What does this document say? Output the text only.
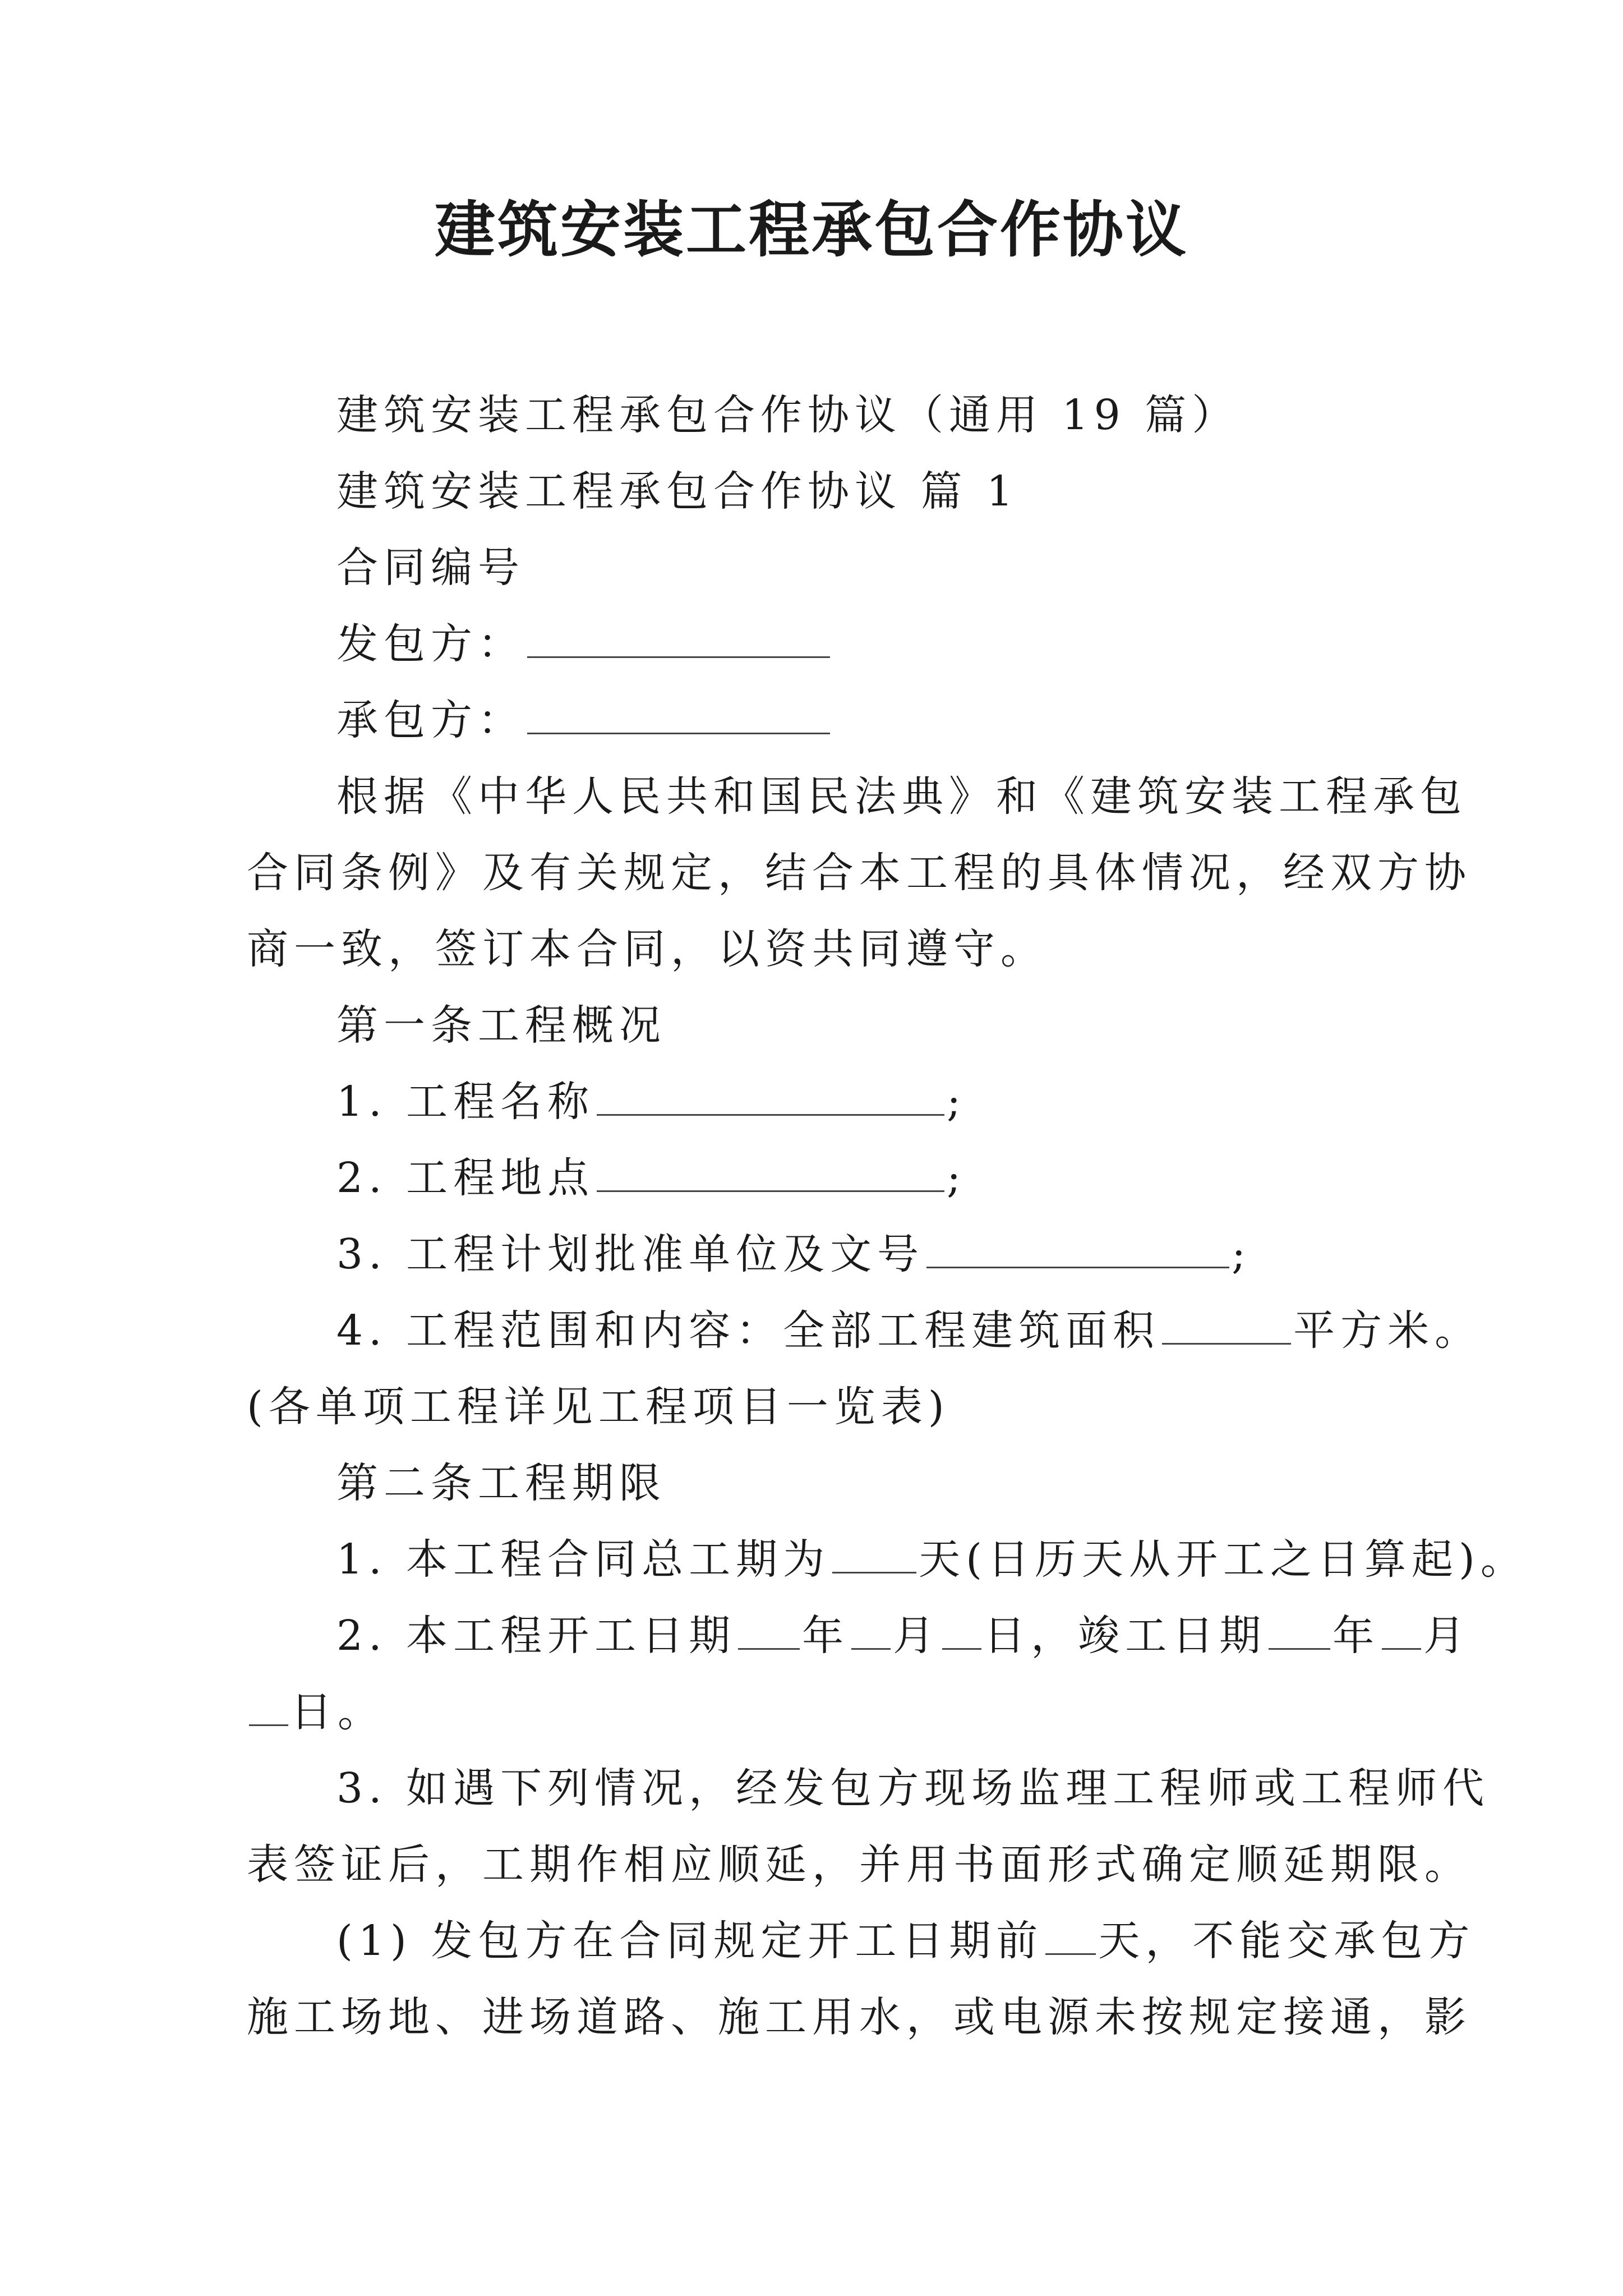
建筑安装工程承包合作协议
建筑安装工程承包合作协议（通用 19 篇）
建筑安装工程承包合作协议 篇 1
合同编号
发包方：
承包方：
根据《中华人民共和国民法典》和《建筑安装工程承包
合同条例》及有关规定，结合本工程的具体情况，经双方协
商一致，签订本合同，以资共同遵守。
第一条工程概况
1. 工程名称	;
2. 工程地点	;
3. 工程计划批准单位及文号	;
4. 工程范围和内容：全部工程建筑面积	平方米。
(各单项工程详见工程项目一览表)
第二条工程期限
1. 本工程合同总工期为 天(日历天从开工之日算起)。
2. 本工程开工日期 年 月 日，竣工日期 年 月
日。
3. 如遇下列情况，经发包方现场监理工程师或工程师代
表签证后，工期作相应顺延，并用书面形式确定顺延期限。
(1) 发包方在合同规定开工日期前 天，不能交承包方
施工场地、进场道路、施工用水，或电源未按规定接通，影
